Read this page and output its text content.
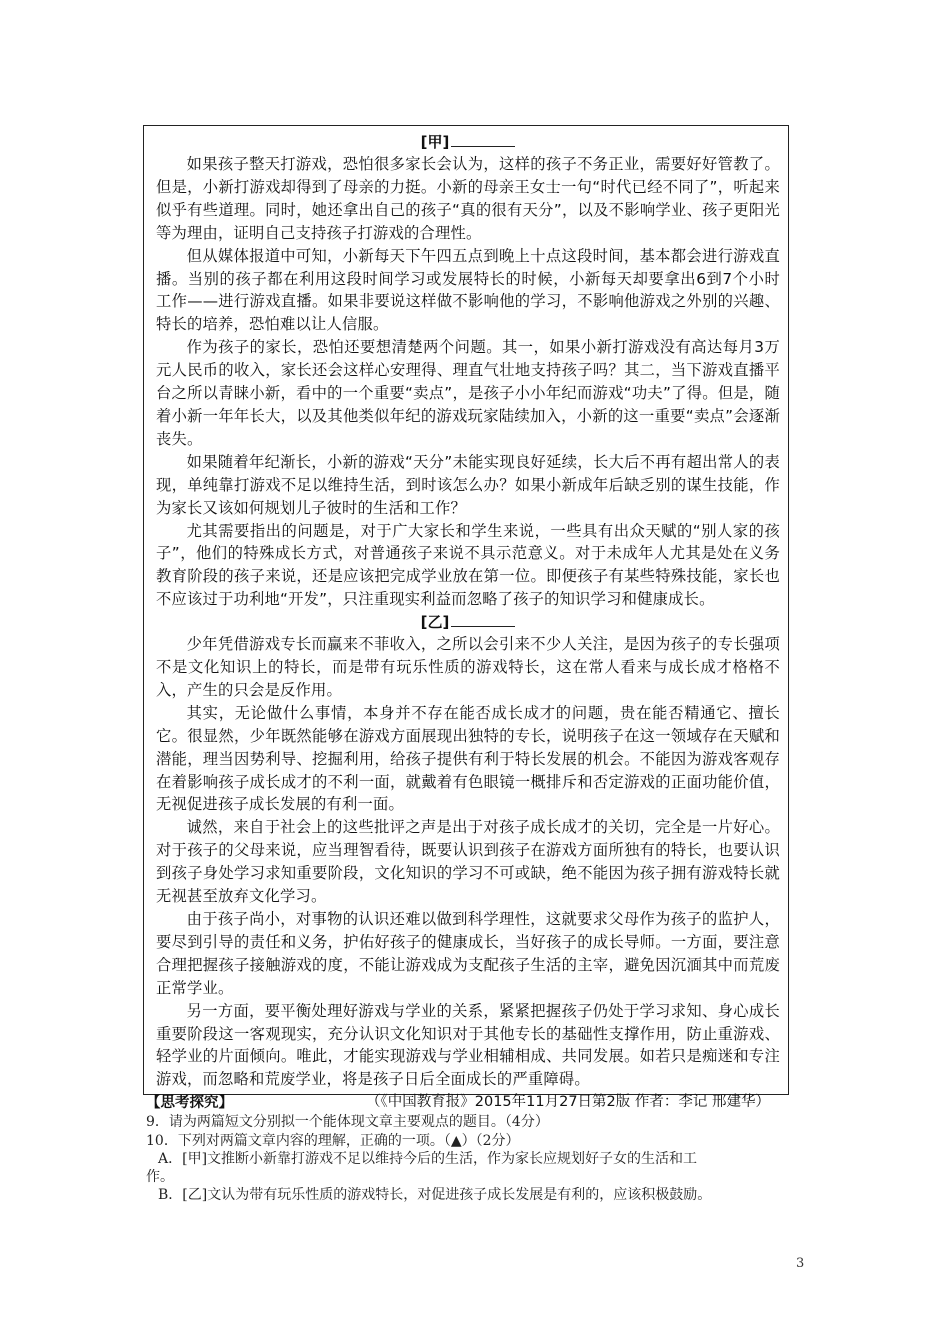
[甲]

如果孩子整天打游戏，恐怕很多家长会认为，这样的孩子不务正业，需要好好管教了。但是，小新打游戏却得到了母亲的力挺。小新的母亲王女士一句“时代已经不同了”，听起来似乎有些道理。同时，她还拿出自己的孩子“真的很有天分”，以及不影响学业、孩子更阳光等为理由，证明自己支持孩子打游戏的合理性。

但从媒体报道中可知，小新每天下午四五点到晚上十点这段时间，基本都会进行游戏直播。当别的孩子都在利用这段时间学习或发展特长的时候，小新每天却要拿出6到7个小时工作——进行游戏直播。如果非要说这样做不影响他的学习，不影响他游戏之外别的兴趣、特长的培养，恐怕难以让人信服。

作为孩子的家长，恐怕还要想清楚两个问题。其一，如果小新打游戏没有高达每月3万元人民币的收入，家长还会这样心安理得、理直气壮地支持孩子吗？其二，当下游戏直播平台之所以青睐小新，看中的一个重要“卖点”，是孩子小小年纪而游戏“功夫”了得。但是，随着小新一年年长大，以及其他类似年纪的游戏玩家陆续加入，小新的这一重要“卖点”会逐渐丧失。

如果随着年纪渐长，小新的游戏“天分”未能实现良好延续，长大后不再有超出常人的表现，单纯靠打游戏不足以维持生活，到时该怎么办？如果小新成年后缺乏别的谋生技能，作为家长又该如何规划儿子彼时的生活和工作？

尤其需要指出的问题是，对于广大家长和学生来说，一些具有出众天赋的“别人家的孩子”，他们的特殊成长方式，对普通孩子来说不具示范意义。对于未成年人尤其是处在义务教育阶段的孩子来说，还是应该把完成学业放在第一位。即便孩子有某些特殊技能，家长也不应该过于功利地“开发”，只注重现实利益而忽略了孩子的知识学习和健康成长。

[乙]

少年凭借游戏专长而赢来不菲收入，之所以会引来不少人关注，是因为孩子的专长强项不是文化知识上的特长，而是带有玩乐性质的游戏特长，这在常人看来与成长成才格格不入，产生的只会是反作用。

其实，无论做什么事情，本身并不存在能否成长成才的问题，贵在能否精通它、擅长它。很显然，少年既然能够在游戏方面展现出独特的专长，说明孩子在这一领域存在天赋和潜能，理当因势利导、挖掘利用，给孩子提供有利于特长发展的机会。不能因为游戏客观存在着影响孩子成长成才的不利一面，就戴着有色眼镜一概排斥和否定游戏的正面功能价值，无视促进孩子成长发展的有利一面。

诚然，来自于社会上的这些批评之声是出于对孩子成长成才的关切，完全是一片好心。对于孩子的父母来说，应当理智看待，既要认识到孩子在游戏方面所独有的特长，也要认识到孩子身处学习求知重要阶段，文化知识的学习不可或缺，绝不能因为孩子拥有游戏特长就无视甚至放弃文化学习。

由于孩子尚小，对事物的认识还难以做到科学理性，这就要求父母作为孩子的监护人，要尽到引导的责任和义务，护佑好孩子的健康成长，当好孩子的成长导师。一方面，要注意合理把握孩子接触游戏的度，不能让游戏成为支配孩子生活的主宰，避免因沉湎其中而荒废正常学业。

另一方面，要平衡处理好游戏与学业的关系，紧紧把握孩子仍处于学习求知、身心成长重要阶段这一客观现实，充分认识文化知识对于其他专长的基础性支撑作用，防止重游戏、轻学业的片面倾向。唯此，才能实现游戏与学业相辅相成、共同发展。如若只是痴迷和专注游戏，而忽略和荒废学业，将是孩子日后全面成长的严重障碍。

（《中国教育报》2015年11月27日第2版 作者：李记 邢建华）
【思考探究】
9．请为两篇短文分别拟一个能体现文章主要观点的题目。（4分）
10．下列对两篇文章内容的理解，正确的一项。（▲）（2分）
A．[甲]文推断小新靠打游戏不足以维持今后的生活，作为家长应规划好子女的生活和工
作。
B．[乙]文认为带有玩乐性质的游戏特长，对促进孩子成长发展是有利的，应该积极鼓励。
3
